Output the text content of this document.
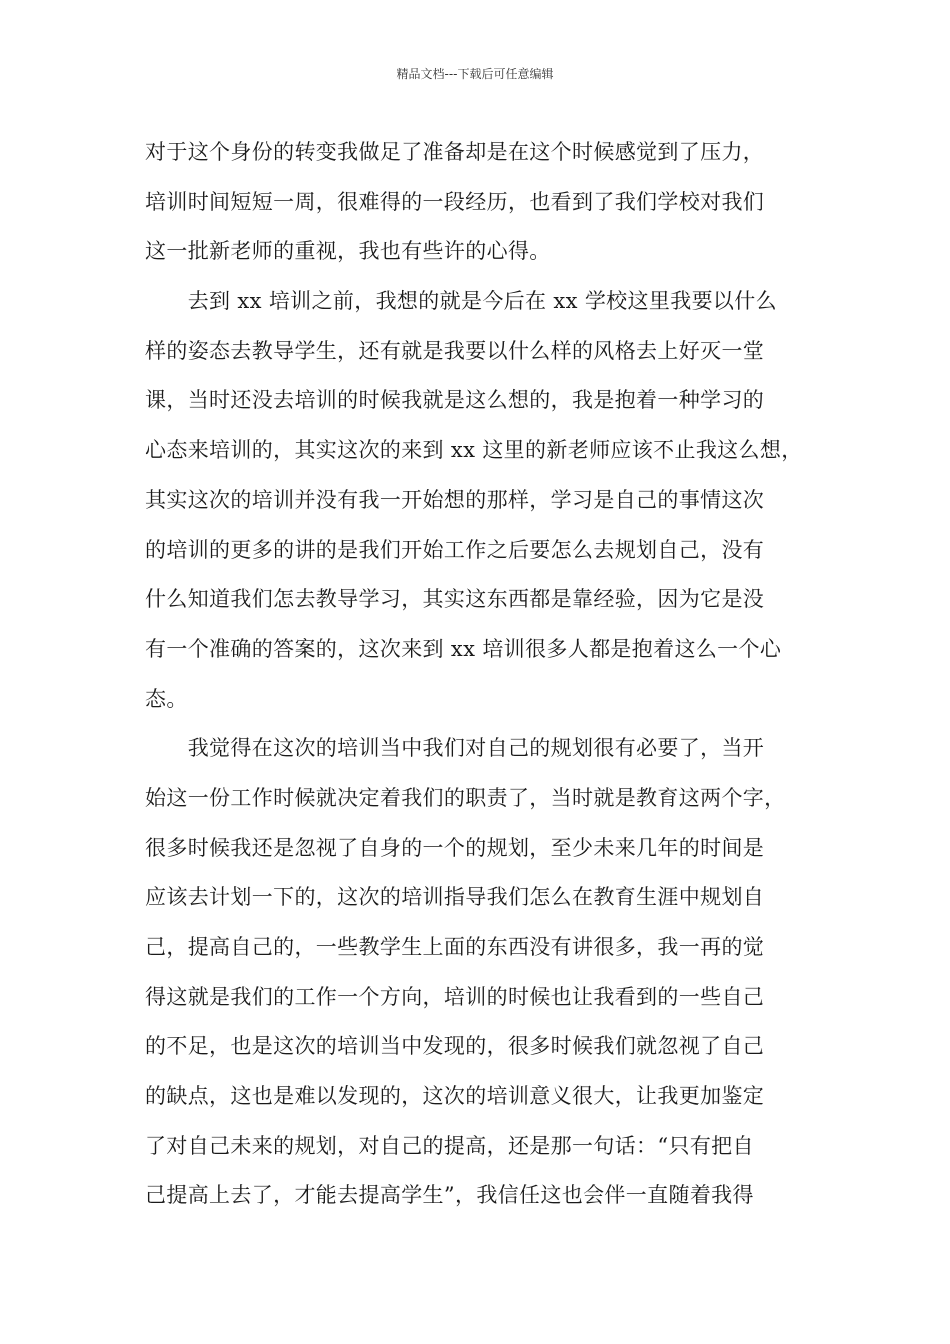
精品文档---下载后可任意编辑
对于这个身份的转变我做足了准备却是在这个时候感觉到了压力，
培训时间短短一周，很难得的一段经历，也看到了我们学校对我们
这一批新老师的重视，我也有些许的心得。
　　去到 xx 培训之前，我想的就是今后在 xx 学校这里我要以什么
样的姿态去教导学生，还有就是我要以什么样的风格去上好灭一堂
课，当时还没去培训的时候我就是这么想的，我是抱着一种学习的
心态来培训的，其实这次的来到 xx 这里的新老师应该不止我这么想，
其实这次的培训并没有我一开始想的那样，学习是自己的事情这次
的培训的更多的讲的是我们开始工作之后要怎么去规划自己，没有
什么知道我们怎去教导学习，其实这东西都是靠经验，因为它是没
有一个准确的答案的，这次来到 xx 培训很多人都是抱着这么一个心
态。
　　我觉得在这次的培训当中我们对自己的规划很有必要了，当开
始这一份工作时候就决定着我们的职责了，当时就是教育这两个字，
很多时候我还是忽视了自身的一个的规划，至少未来几年的时间是
应该去计划一下的，这次的培训指导我们怎么在教育生涯中规划自
己，提高自己的，一些教学生上面的东西没有讲很多，我一再的觉
得这就是我们的工作一个方向，培训的时候也让我看到的一些自己
的不足，也是这次的培训当中发现的，很多时候我们就忽视了自己
的缺点，这也是难以发现的，这次的培训意义很大，让我更加鉴定
了对自己未来的规划，对自己的提高，还是那一句话：“只有把自
己提高上去了，才能去提高学生”，我信任这也会伴一直随着我得
